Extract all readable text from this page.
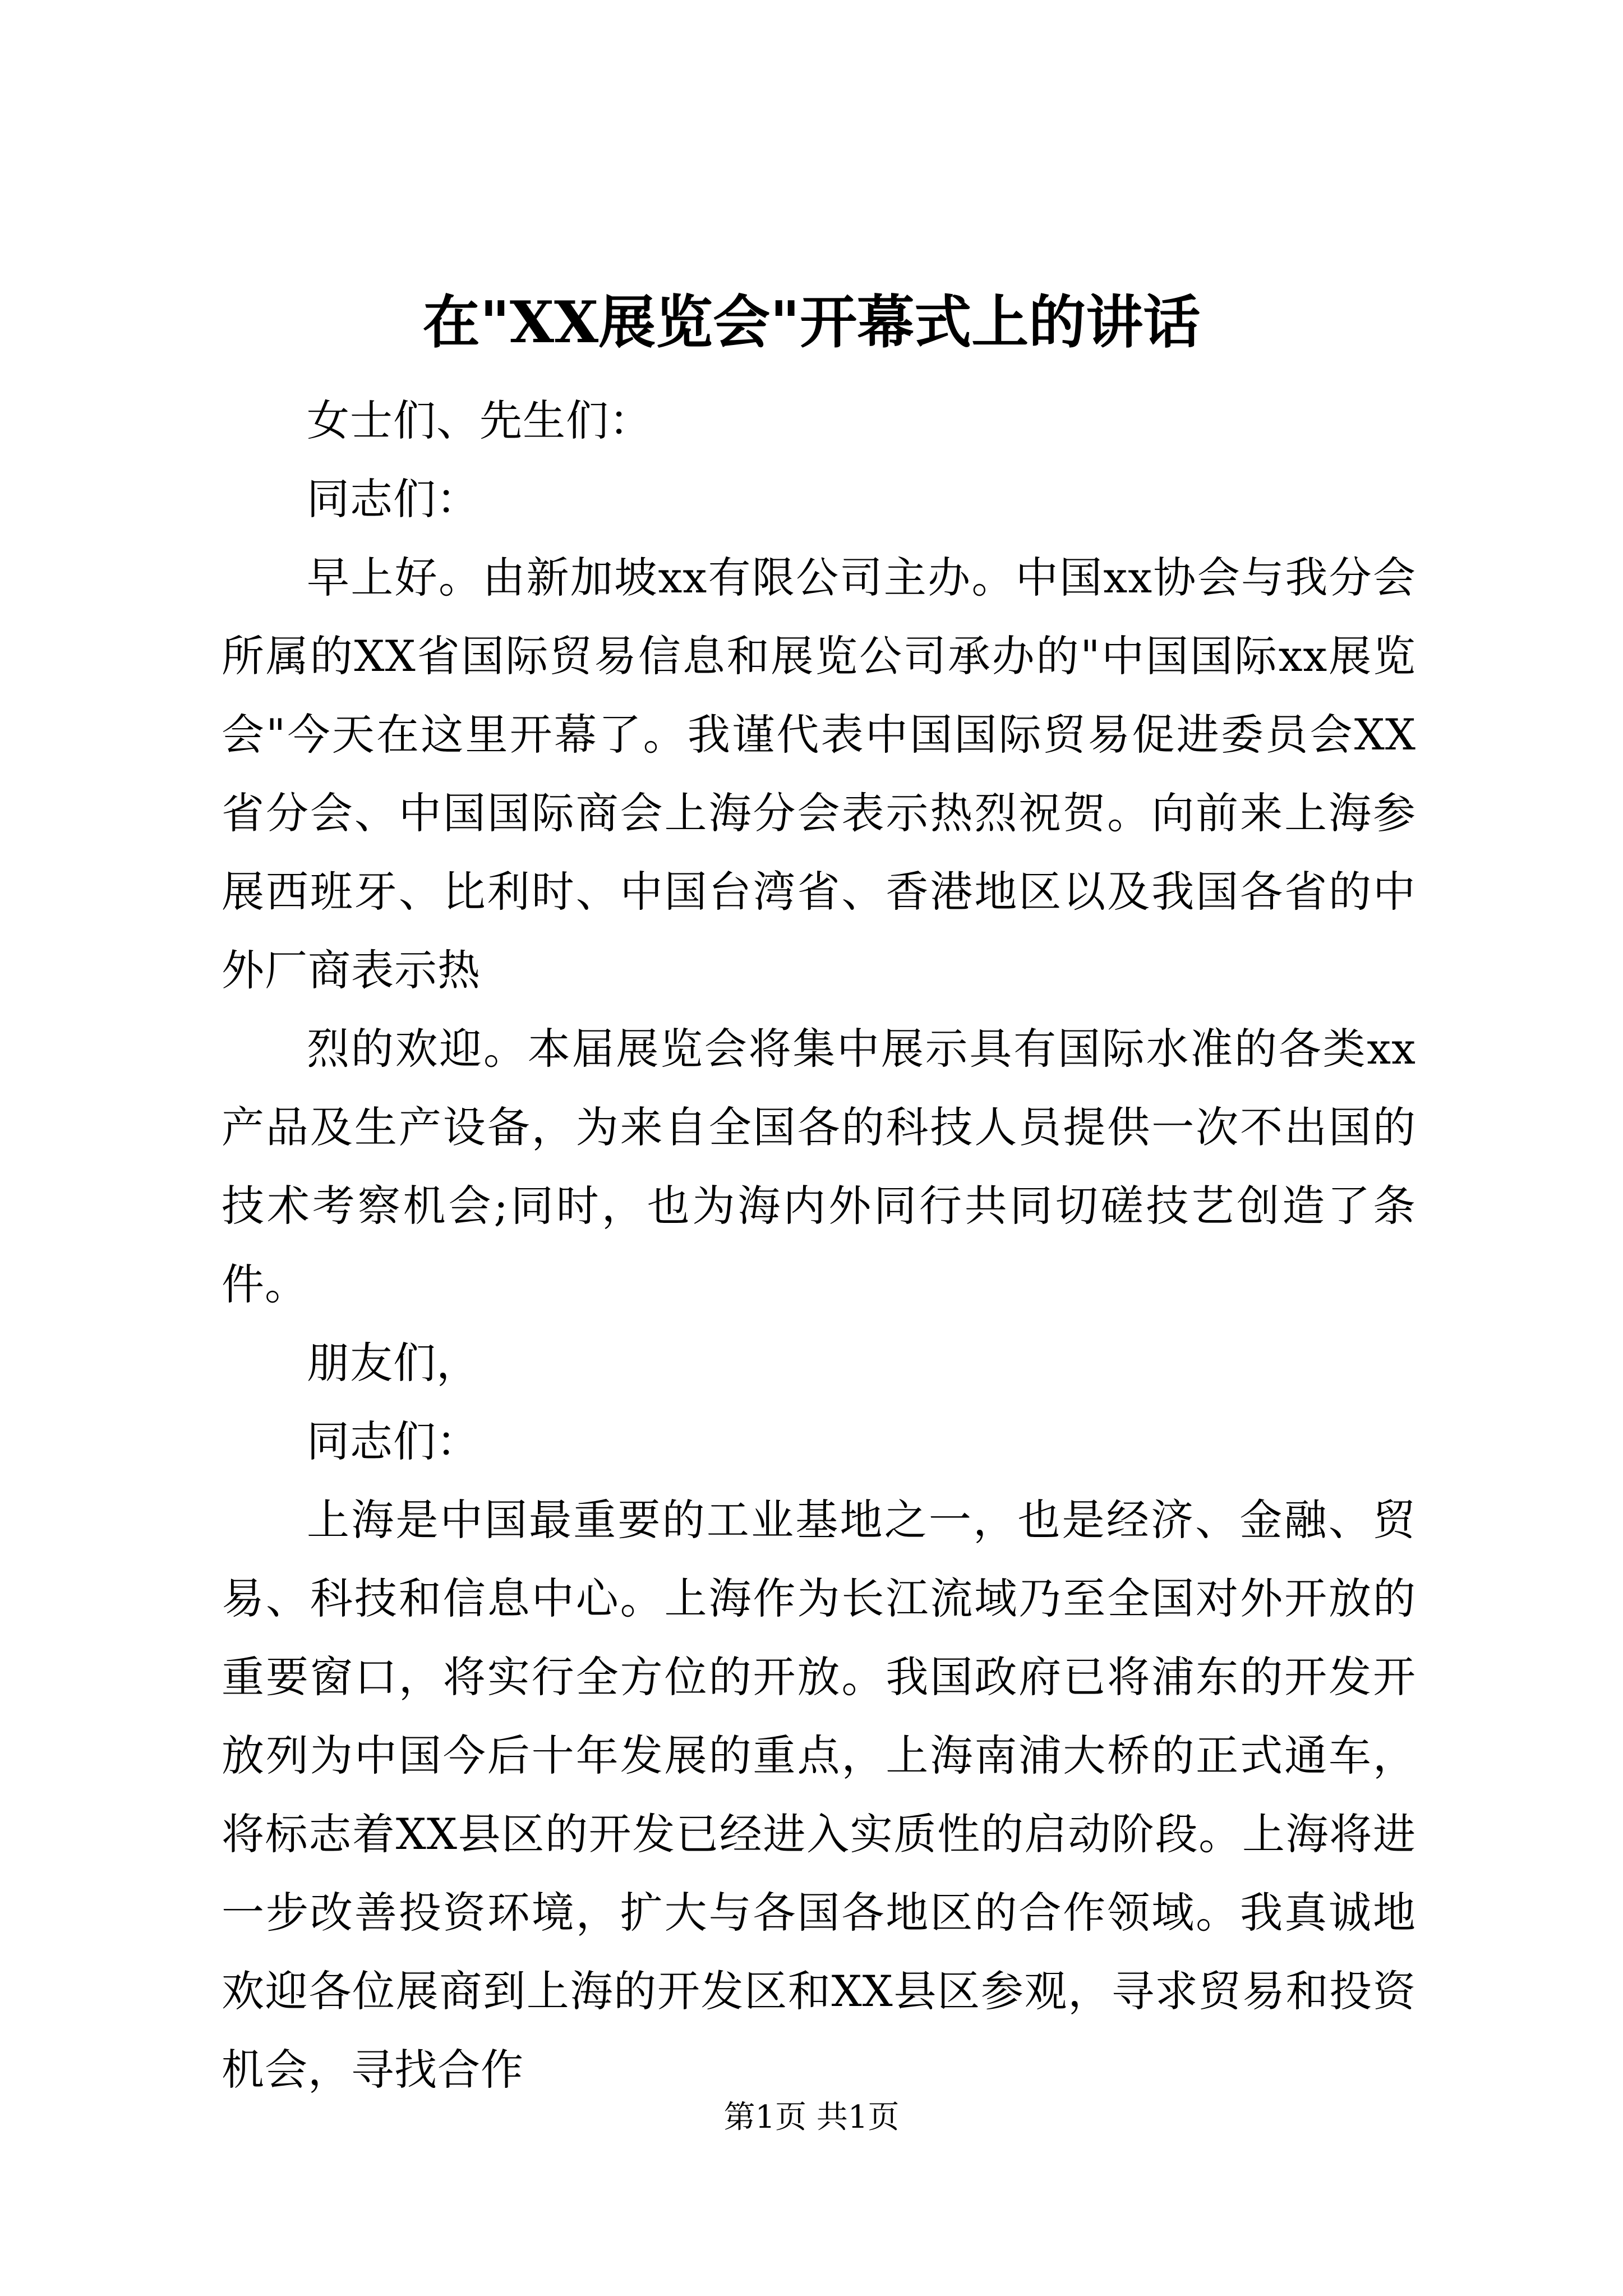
在"XX展览会"开幕式上的讲话

女士们、先生们：

同志们：

早上好。由新加坡xx有限公司主办。中国xx协会与我分会所属的XX省国际贸易信息和展览公司承办的"中国国际xx展览会"今天在这里开幕了。我谨代表中国国际贸易促进委员会XX省分会、中国国际商会上海分会表示热烈祝贺。向前来上海参展西班牙、比利时、中国台湾省、香港地区以及我国各省的中外厂商表示热

烈的欢迎。本届展览会将集中展示具有国际水准的各类xx产品及生产设备，为来自全国各的科技人员提供一次不出国的技术考察机会;同时，也为海内外同行共同切磋技艺创造了条件。

朋友们，

同志们：

上海是中国最重要的工业基地之一，也是经济、金融、贸易、科技和信息中心。上海作为长江流域乃至全国对外开放的重要窗口，将实行全方位的开放。我国政府已将浦东的开发开放列为中国今后十年发展的重点，上海南浦大桥的正式通车，将标志着XX县区的开发已经进入实质性的启动阶段。上海将进一步改善投资环境，扩大与各国各地区的合作领域。我真诚地欢迎各位展商到上海的开发区和XX县区参观，寻求贸易和投资机会，寻找合作

第1页 共1页
